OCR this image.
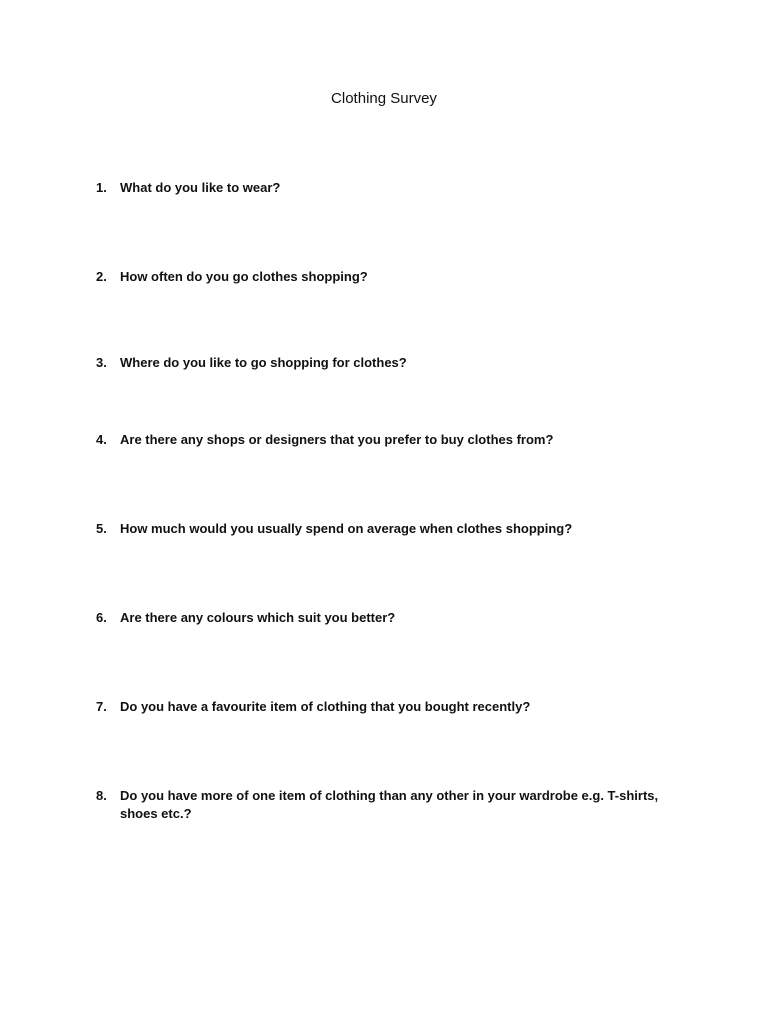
Clothing Survey
1.	What do you like to wear?
2.	How often do you go clothes shopping?
3.	Where do you like to go shopping for clothes?
4.	Are there any shops or designers that you prefer to buy clothes from?
5.	How much would you usually spend on average when clothes shopping?
6.	Are there any colours which suit you better?
7.	Do you have a favourite item of clothing that you bought recently?
8.	Do you have more of one item of clothing than any other in your wardrobe e.g. T-shirts, shoes etc.?
